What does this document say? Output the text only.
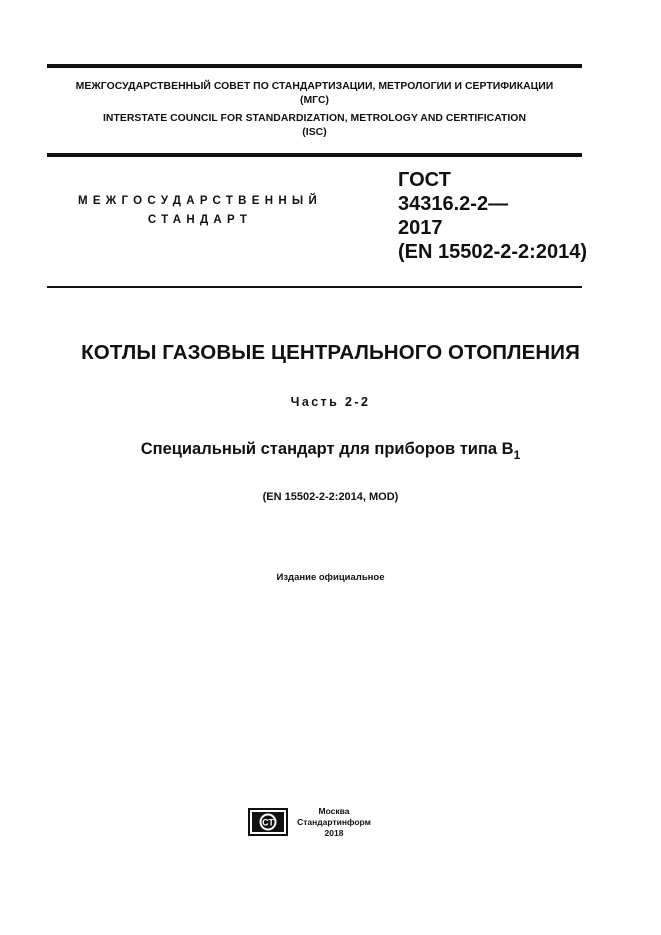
МЕЖГОСУДАРСТВЕННЫЙ СОВЕТ ПО СТАНДАРТИЗАЦИИ, МЕТРОЛОГИИ И СЕРТИФИКАЦИИ
(МГС)
INTERSTATE COUNCIL FOR STANDARDIZATION, METROLOGY AND CERTIFICATION
(ISC)
МЕЖГОСУДАРСТВЕННЫЙ
СТАНДАРТ
ГОСТ
34316.2-2—
2017
(EN 15502-2-2:2014)
КОТЛЫ ГАЗОВЫЕ ЦЕНТРАЛЬНОГО ОТОПЛЕНИЯ
Часть 2-2
Специальный стандарт для приборов типа $В_1$
(EN 15502-2-2:2014, MOD)
Издание официальное
СТ
Москва
Стандартинформ
2018
